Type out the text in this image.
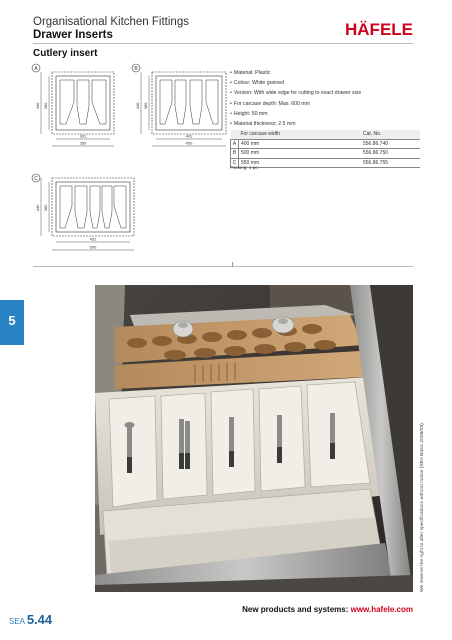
Organisational Kitchen Fittings
Drawer Inserts	HÄFELE
Cutlery insert
A
440 380
301
350
B
440 380
401
450
C
440 380
451
500
• Material: Plastic
• Colour: White grained
• Version: With wide edge for cutting to exact drawer size
• For carcase depth: Max. 600 mm
• Height: 50 mm
• Material thickness: 2.5 mm
	For carcase width	Cat. No.
A	400 mm	556.86.740
B	500 mm	556.86.750
C	550 mm	556.86.755
Packing: 1 pc.
5
We reserve the right to alter specifications without notice (SEA Basic 2008/09).
SEA 5.44
New products and systems: www.hafele.com
